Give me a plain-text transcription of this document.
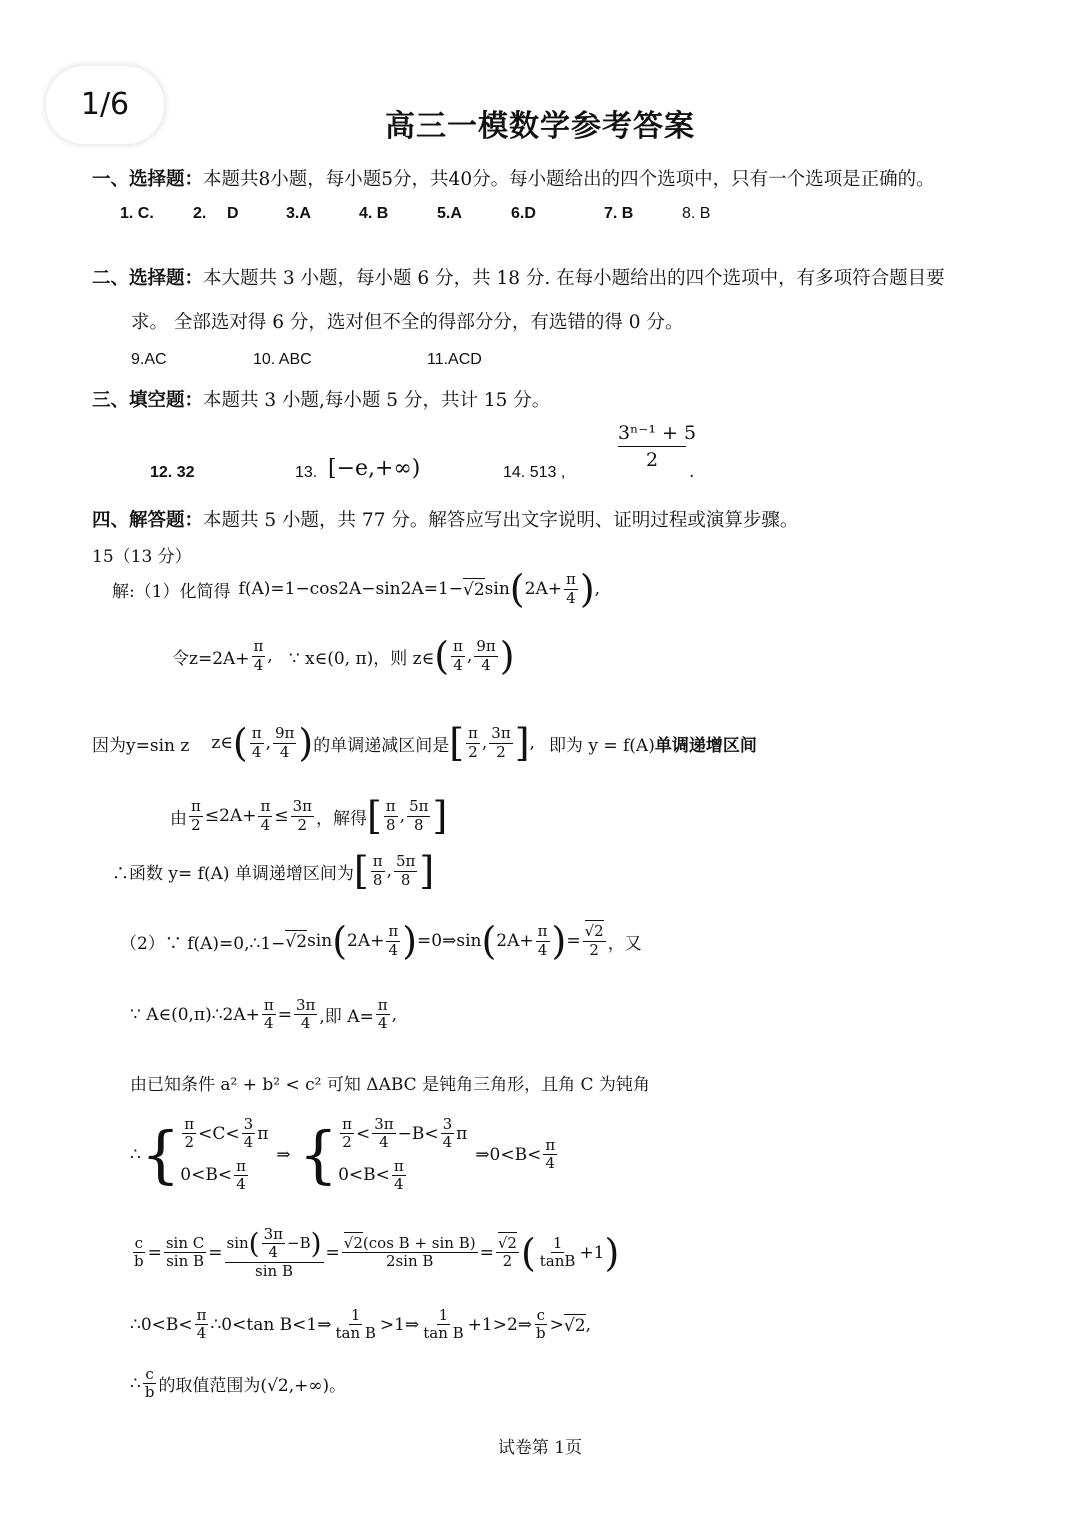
1/6
高三一模数学参考答案
一、选择题：本题共8小题，每小题5分，共40分。每小题给出的四个选项中，只有一个选项是正确的。
1. C. 2. D	3.A	4. B	5.A	6.D	7. B	8. B
二、选择题：本大题共 3 小题，每小题 6 分，共 18 分. 在每小题给出的四个选项中，有多项符合题目要
求。 全部选对得 6 分，选对但不全的得部分分，有选错的得 0 分。
9.AC	10. ABC	11.ACD
三、填空题：本题共 3 小题,每小题 5 分，共计 15 分。
12. 32	13. [−e,+∞)	14. 513 ,
$\frac{\text{3ⁿ⁻¹ + 5}}{2}$
.
四、解答题：本题共 5 小题，共 77 分。解答应写出文字说明、证明过程或演算步骤。
15（13 分）
解:（1）化简得 f(A)=1−cos2A−sin2A=1− √2 sin ( $2A+ \frac{\pi}{4}$ ) ,
令$z=2A+ \frac{\pi}{4}$ , ∵ x∈(0, π)，则 z∈ ( $\frac{\pi}{4}$ , $\frac{9\pi}{4}$ )
因为y=sin z z∈ ( $\frac{\pi}{4}$ , $\frac{9\pi}{4}$ ) 的单调递减区间是 [ $\frac{\pi}{2}$ , $\frac{3\pi}{2}$ ] , 即为 y = f(A) 单调递 增区间
由 $\frac{\pi}{2} \le 2A+ \frac{\pi}{4} \le \frac{3\pi}{2}$ ，解得 [ $\frac{\pi}{8}$ , $\frac{5\pi}{8}$ ]
∴函数 y= f(A) 单调递增区间为 [ $\frac{\pi}{8}$ , $\frac{5\pi}{8}$ ]
（2）∵ f(A)=0,∴1− √2 sin ( $2A+ \frac{\pi}{4}$ ) =0⇒sin ( $2A+ \frac{\pi}{4}$ ) = $\frac{√2}{2}$ ，又
∵ A∈(0,π)∴2A+ $\frac{\pi}{4} = \frac{3\pi}{4}$ ,即 $A= \frac{\pi}{4}$ ,
由已知条件 a² + b² < c² 可知 ΔABC 是钝角三角形，且角 C 为钝角
∴ { $\frac{\pi}{2} <C< \frac{3}{4}$ π
$0<B< \frac{\pi}{4}$
⇒ { $\frac{\pi}{2} < \frac{3\pi}{4} -B< \frac{3}{4}$ π
$0<B< \frac{\pi}{4}$
⇒0<B< $\frac{\pi}{4}$
$\frac{c}{b} = \frac{\text{sin C}}{\text{sin B}} = \frac{\sin ( \frac{3\pi}{4} -B )}{\text{sin B}} = \frac{\text{√2(cos B + sin B)}}{\text{2sin B}} = \frac{√2}{2}$ ( $\frac{1}{\tan B} +1$ )
∴0<B< $\frac{\pi}{4}$ ∴0<tan B<1⇒ $\frac{1}{\text{tan B}}$ >1⇒ $\frac{1}{\text{tan B}}$ +1>2⇒ $\frac{c}{b} > √2$ ,
∴ $\frac{c}{b}$ 的取值范围为(√2,+∞)。
试卷第 1页
